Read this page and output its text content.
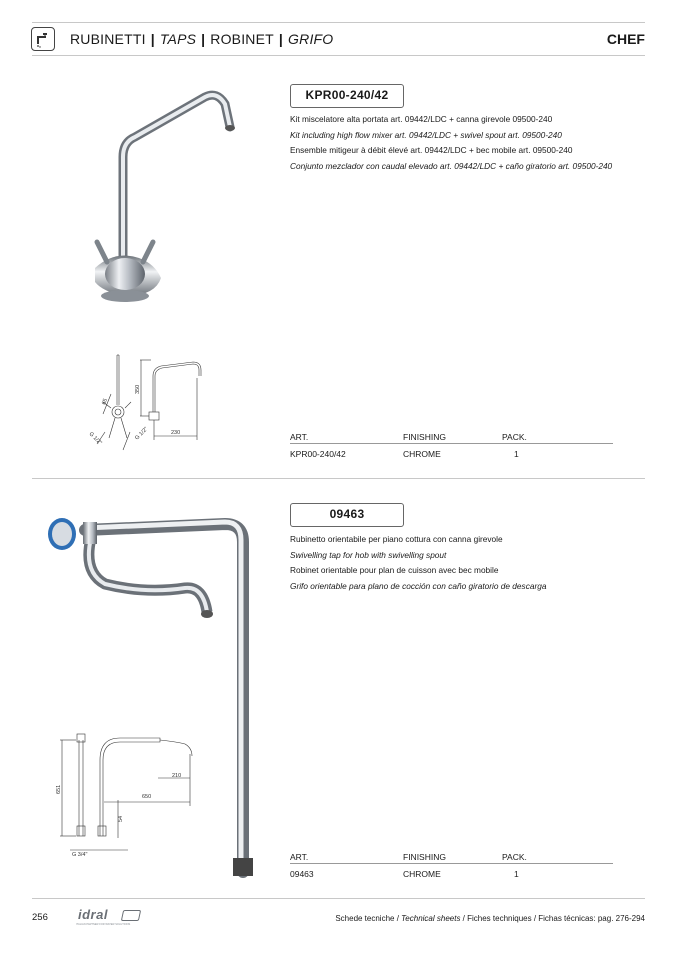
RUBINETTI | TAPS | ROBINET | GRIFO	CHEF
65
350
230
G 1/2"	G 1/2"
KPR00-240/42
Kit miscelatore alta portata art. 09442/LDC + canna girevole 09500-240
Kit including high flow mixer art. 09442/LDC + swivel spout art. 09500-240
Ensemble mitigeur à débit élevé art. 09442/LDC + bec mobile art. 09500-240
Conjunto mezclador con caudal elevado art. 09442/LDC + caño giratorio art. 09500-240
ART.	FINISHING	PACK.
KPR00-240/42	CHROME	1
651
210
650
54
G 3/4"
09463
Rubinetto orientabile per piano cottura con canna girevole
Swivelling tap for hob with swivelling spout
Robinet orientable pour plan de cuisson avec bec mobile
Grifo orientable para plano de cocción con caño giratorio de descarga
ART.	FINISHING	PACK.
09463	CHROME	1
256 idral
ITALIAN PARTNER FOR WATER SOLUTIONS
Schede tecniche / Technical sheets / Fiches techniques / Fichas técnicas: pag. 276-294
